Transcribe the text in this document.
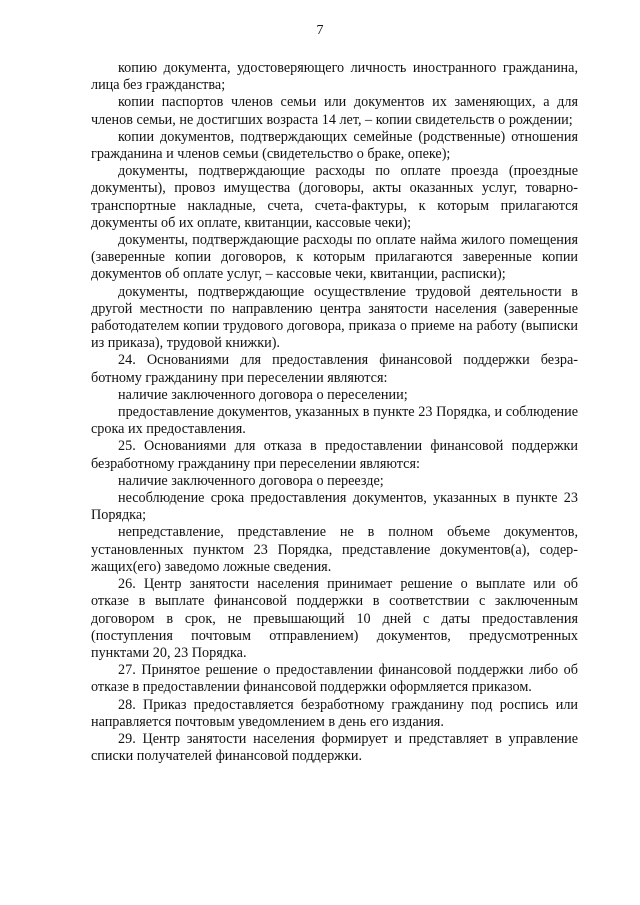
7

копию документа, удостоверяющего личность иностранного гражданина, лица без гражданства;

копии паспортов членов семьи или документов их заменяющих, а для членов семьи, не достигших возраста 14 лет, – копии свидетельств о рождении;

копии документов, подтверждающих семейные (родственные) отношения гражданина и членов семьи (свидетельство о браке, опеке);

документы, подтверждающие расходы по оплате проезда (проездные документы), провоз имущества (договоры, акты оказанных услуг, товарно-транспортные накладные, счета, счета-фактуры, к которым прилагаются документы об их оплате, квитанции, кассовые чеки);

документы, подтверждающие расходы по оплате найма жилого помещения (заверенные копии договоров, к которым прилагаются заверенные копии документов об оплате услуг, – кассовые чеки, квитанции, расписки);

документы, подтверждающие осуществление трудовой деятельности в другой местности по направлению центра занятости населения (заверенные работодателем копии трудового договора, приказа о приеме на работу (выписки из приказа), трудовой книжки).

24. Основаниями для предоставления финансовой поддержки безработному гражданину при переселении являются:

наличие заключенного договора о переселении;

предоставление документов, указанных в пункте 23 Порядка, и соблюдение срока их предоставления.

25. Основаниями для отказа в предоставлении финансовой поддержки безработному гражданину при переселении являются:

наличие заключенного договора о переезде;

несоблюдение срока предоставления документов, указанных в пункте 23 Порядка;

непредставление, представление не в полном объеме документов, установленных пунктом 23 Порядка, представление документов(а), содержащих(его) заведомо ложные сведения.

26. Центр занятости населения принимает решение о выплате или об отказе в выплате финансовой поддержки в соответствии с заключенным договором в срок, не превышающий 10 дней с даты предоставления (поступления почтовым отправлением) документов, предусмотренных пунктами 20, 23 Порядка.

27. Принятое решение о предоставлении финансовой поддержки либо об отказе в предоставлении финансовой поддержки оформляется приказом.

28. Приказ предоставляется безработному гражданину под роспись или направляется почтовым уведомлением в день его издания.

29. Центр занятости населения формирует и представляет в управление списки получателей финансовой поддержки.
